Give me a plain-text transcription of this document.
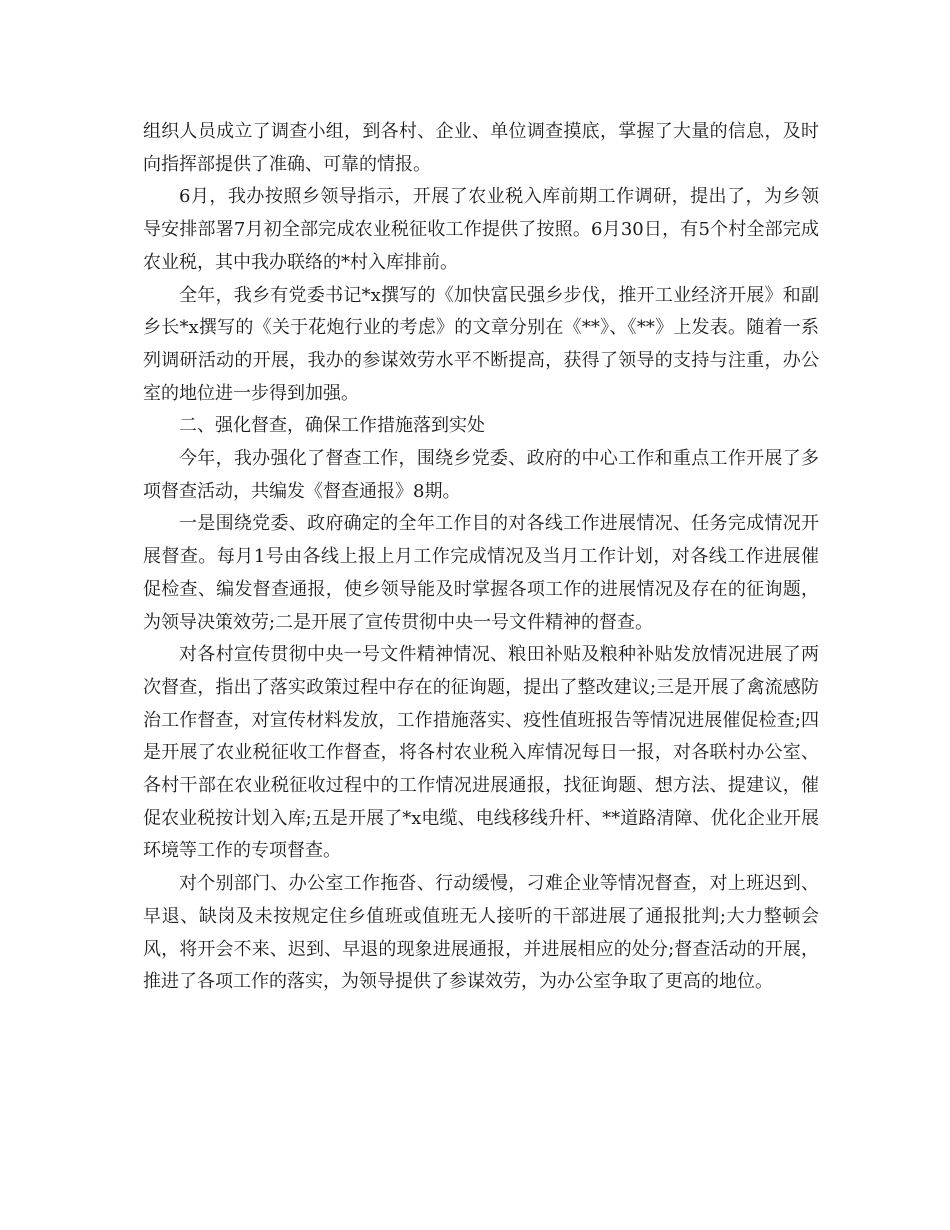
组织人员成立了调查小组，到各村、企业、单位调查摸底，掌握了大量的信息，及时向指挥部提供了准确、可靠的情报。

6月，我办按照乡领导指示，开展了农业税入库前期工作调研，提出了，为乡领导安排部署7月初全部完成农业税征收工作提供了按照。6月30日，有5个村全部完成农业税，其中我办联络的*村入库排前。

全年，我乡有党委书记*x撰写的《加快富民强乡步伐，推开工业经济开展》和副乡长*x撰写的《关于花炮行业的考虑》的文章分别在《**》、《**》上发表。随着一系列调研活动的开展，我办的参谋效劳水平不断提高，获得了领导的支持与注重，办公室的地位进一步得到加强。

二、强化督查，确保工作措施落到实处

今年，我办强化了督查工作，围绕乡党委、政府的中心工作和重点工作开展了多项督查活动，共编发《督查通报》8期。

一是围绕党委、政府确定的全年工作目的对各线工作进展情况、任务完成情况开展督查。每月1号由各线上报上月工作完成情况及当月工作计划，对各线工作进展催促检查、编发督查通报，使乡领导能及时掌握各项工作的进展情况及存在的征询题，为领导决策效劳;二是开展了宣传贯彻中央一号文件精神的督查。

对各村宣传贯彻中央一号文件精神情况、粮田补贴及粮种补贴发放情况进展了两次督查，指出了落实政策过程中存在的征询题，提出了整改建议;三是开展了禽流感防治工作督查，对宣传材料发放，工作措施落实、疫性值班报告等情况进展催促检查;四是开展了农业税征收工作督查，将各村农业税入库情况每日一报，对各联村办公室、各村干部在农业税征收过程中的工作情况进展通报，找征询题、想方法、提建议，催促农业税按计划入库;五是开展了*x电缆、电线移线升杆、**道路清障、优化企业开展环境等工作的专项督查。

对个别部门、办公室工作拖沓、行动缓慢，刁难企业等情况督查，对上班迟到、早退、缺岗及未按规定住乡值班或值班无人接听的干部进展了通报批判;大力整顿会风，将开会不来、迟到、早退的现象进展通报，并进展相应的处分;督查活动的开展，推进了各项工作的落实，为领导提供了参谋效劳，为办公室争取了更高的地位。
